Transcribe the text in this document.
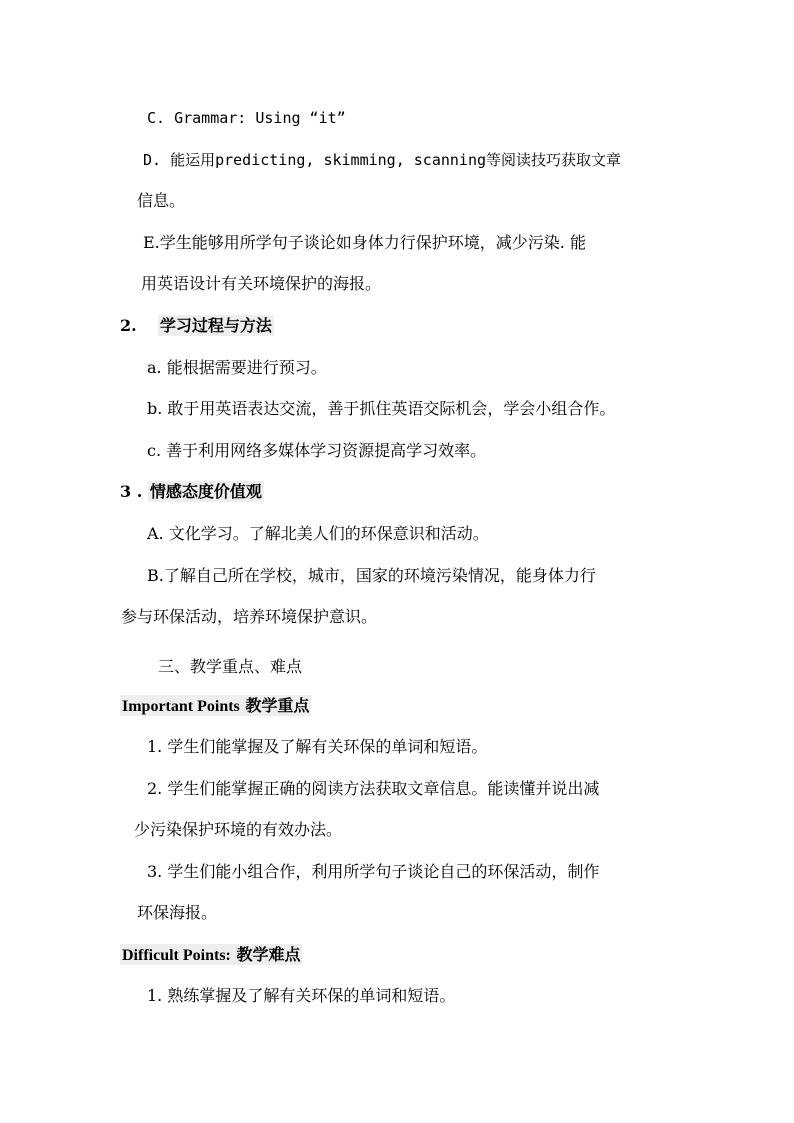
C. Grammar: Using “it”
D. 能运用predicting, skimming, scanning等阅读技巧获取文章
信息。
E.学生能够用所学句子谈论如身体力行保护环境，减少污染. 能
用英语设计有关环境保护的海报。
2. 学习过程与方法
a. 能根据需要进行预习。
b. 敢于用英语表达交流，善于抓住英语交际机会，学会小组合作。
c. 善于利用网络多媒体学习资源提高学习效率。
3 . 情感态度价值观
A. 文化学习。了解北美人们的环保意识和活动。
B.了解自己所在学校，城市，国家的环境污染情况，能身体力行
参与环保活动，培养环境保护意识。
三、教学重点、难点
Important Points 教学重点
1. 学生们能掌握及了解有关环保的单词和短语。
2. 学生们能掌握正确的阅读方法获取文章信息。能读懂并说出减
少污染保护环境的有效办法。
3. 学生们能小组合作，利用所学句子谈论自己的环保活动，制作
环保海报。
Difficult Points: 教学难点
1. 熟练掌握及了解有关环保的单词和短语。
